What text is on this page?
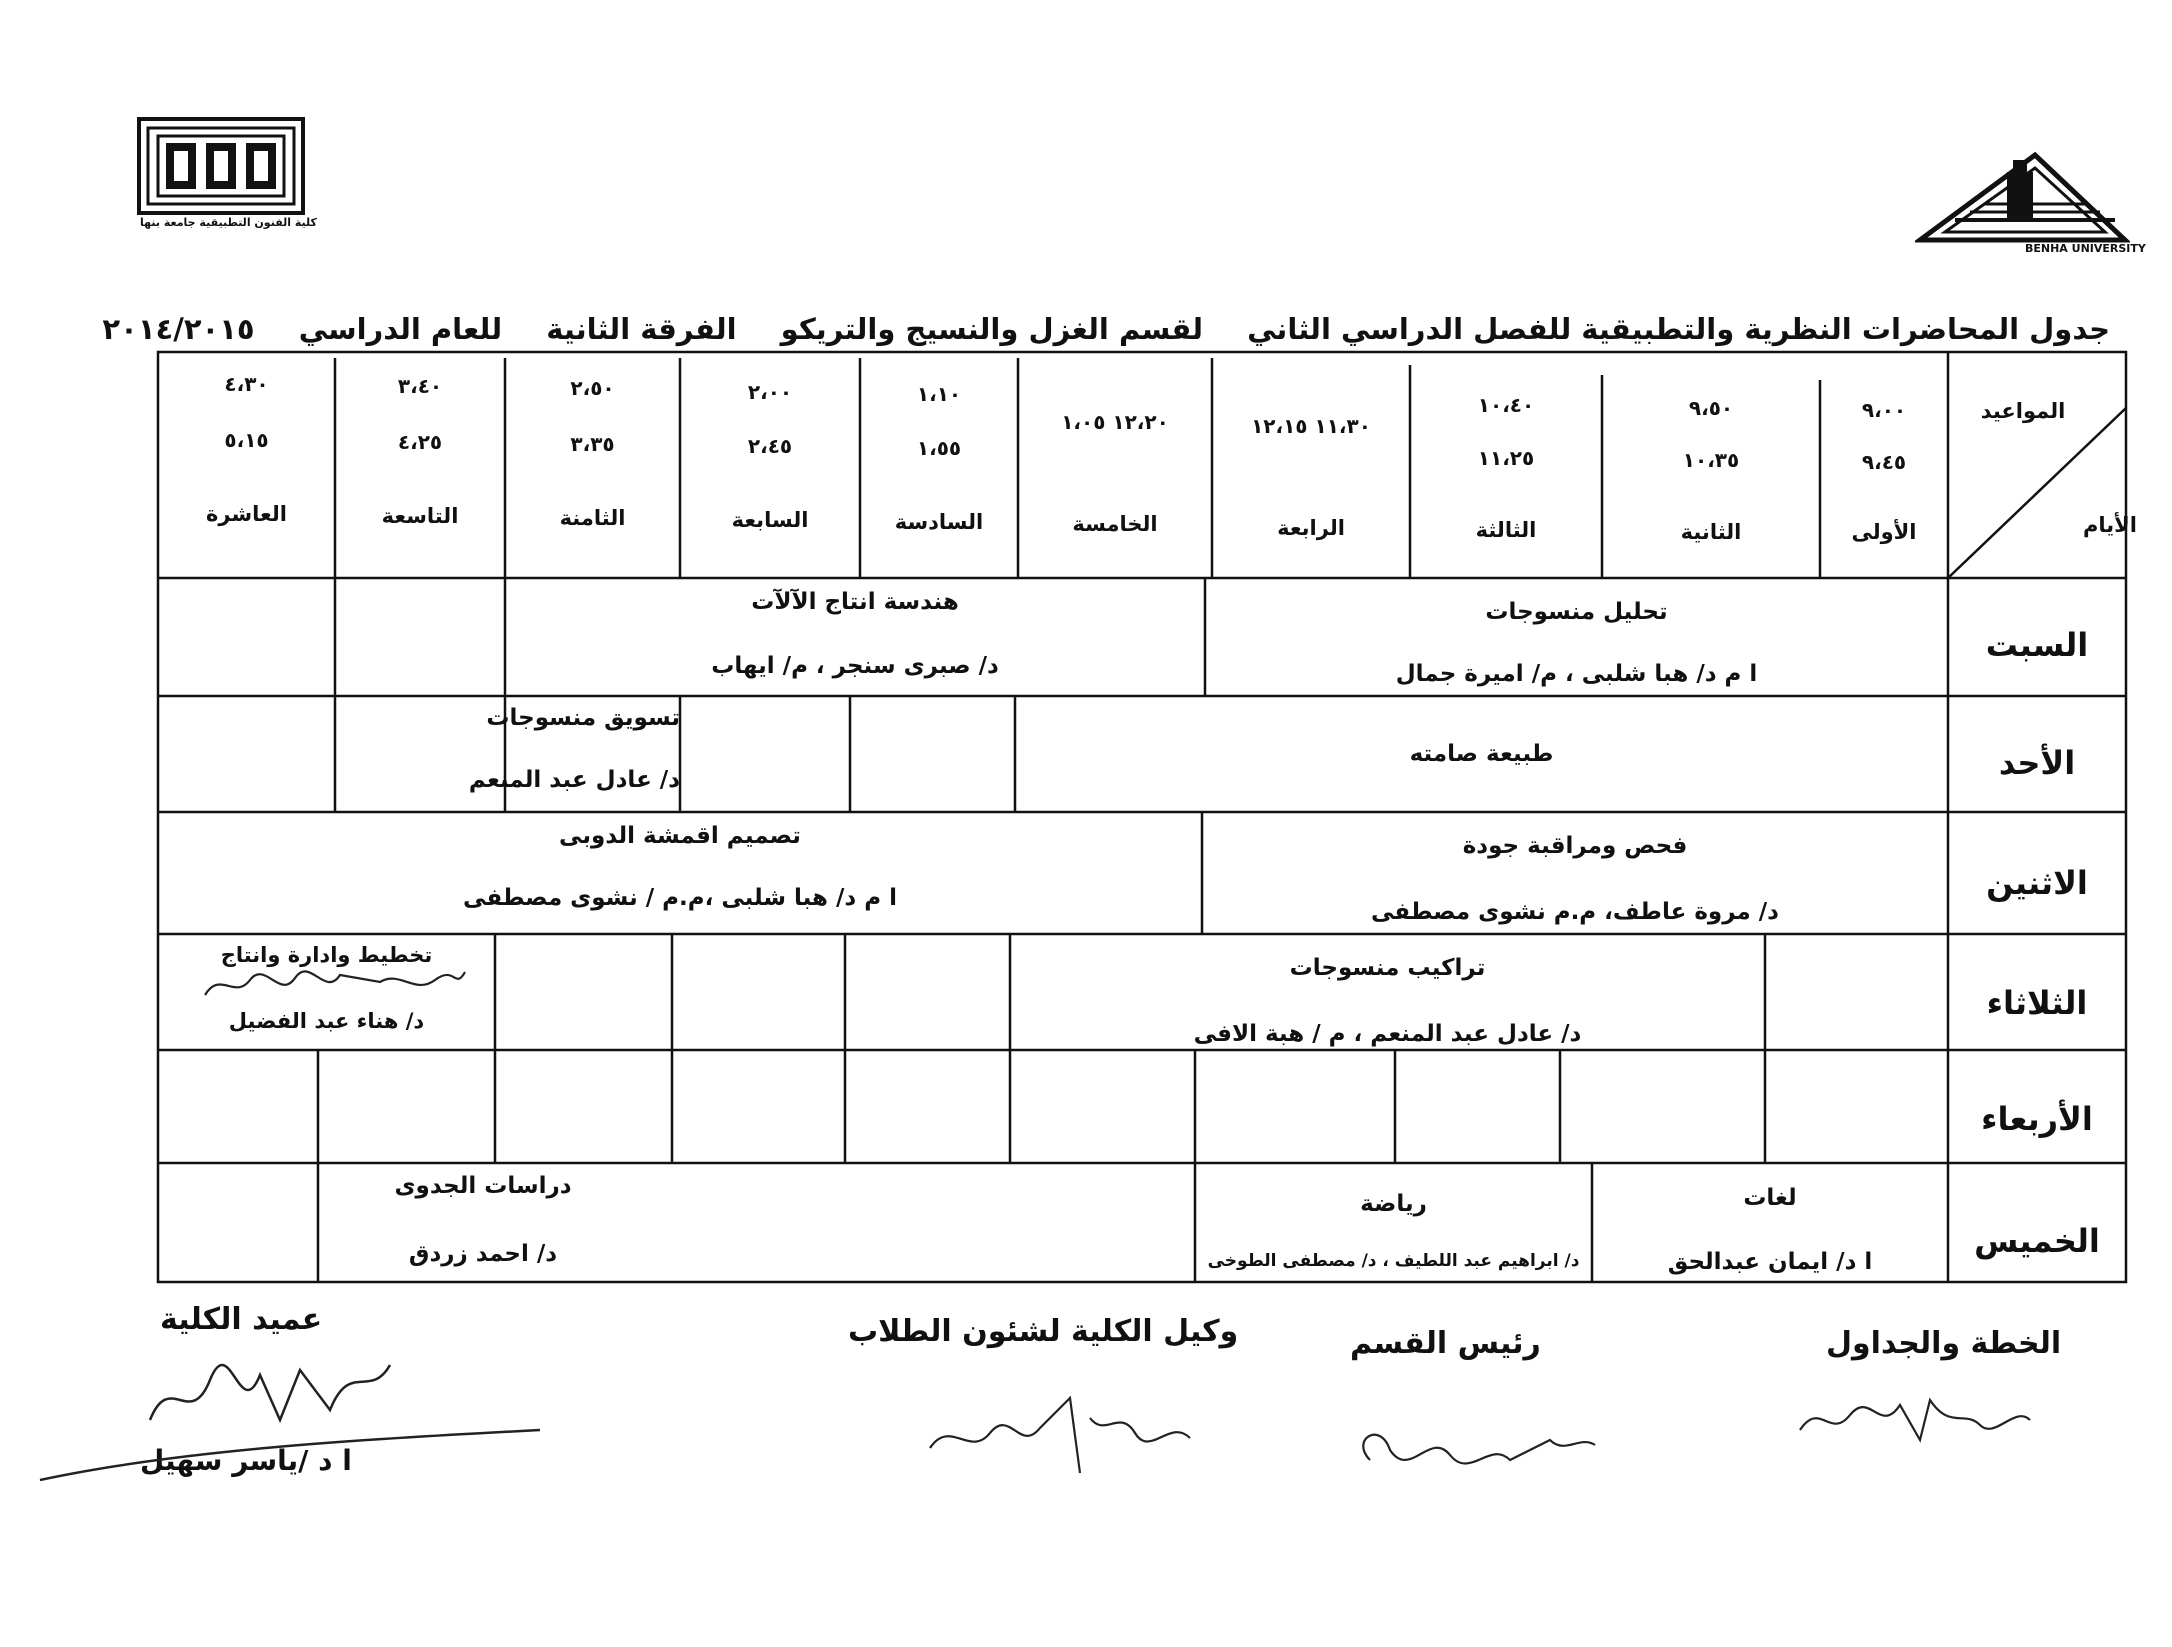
كلية الفنون التطبيقية جامعة بنها
BENHA UNIVERSITY
جدول المحاضرات النظرية والتطبيقية للفصل الدراسي الثاني لقسم الغزل والنسيج والتريكو الفرقة الثانية للعام الدراسي ٢٠١٤/٢٠١٥
المواعيد
الأيام
٩،٠٠
٩،٤٥
الأولى
٩،٥٠
١٠،٣٥
الثانية
١٠،٤٠
١١،٢٥
الثالثة
١١،٣٠ ١٢،١٥
الرابعة
١٢،٢٠ ١،٠٥
الخامسة
١،١٠
١،٥٥
السادسة
٢،٠٠
٢،٤٥
السابعة
٢،٥٠
٣،٣٥
الثامنة
٣،٤٠
٤،٢٥
التاسعة
٤،٣٠
٥،١٥
العاشرة
السبت
الأحد
الاثنين
الثلاثاء
الأربعاء
الخميس
تحليل منسوجات
ا م د/ هبا شلبى ، م/ اميرة جمال
هندسة انتاج الآلآت
د/ صبرى سنجر ، م/ ايهاب
طبيعة صامته
تسويق منسوجات
د/ عادل عبد المنعم
فحص ومراقبة جودة
د/ مروة عاطف، م.م نشوى مصطفى
تصميم اقمشة الدوبى
ا م د/ هبا شلبى ،م.م / نشوى مصطفى
تراكيب منسوجات
د/ عادل عبد المنعم ، م / هبة الافى
تخطيط وادارة وانتاج
د/ هناء عبد الفضيل
لغات
ا د/ ايمان عبدالحق
رياضة
د/ ابراهيم عبد اللطيف ، د/ مصطفى الطوخى
دراسات الجدوى
د/ احمد زردق
الخطة والجداول
رئيس القسم
وكيل الكلية لشئون الطلاب
عميد الكلية
ا د /ياسر سهيل
